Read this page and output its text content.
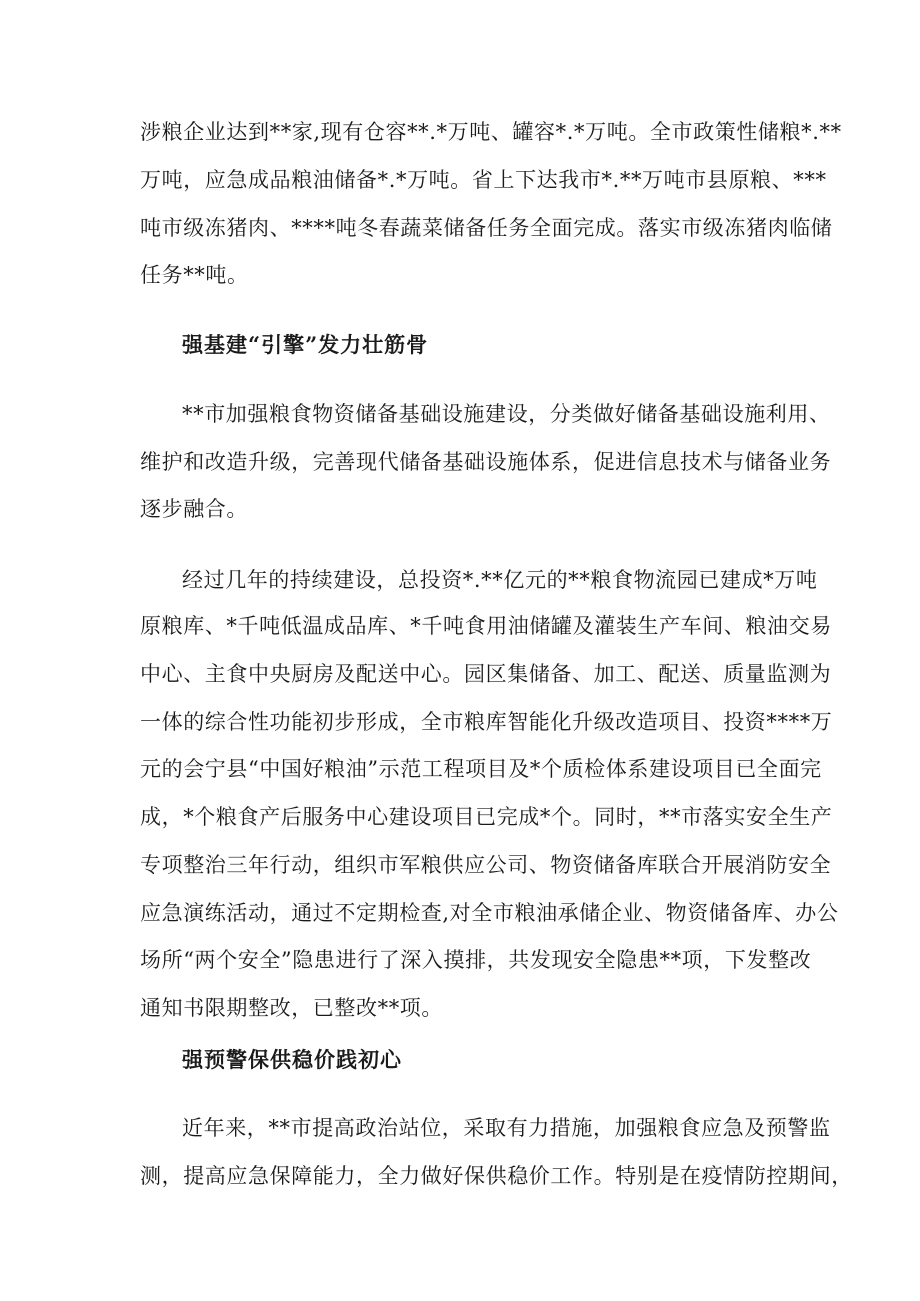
涉粮企业达到**家,现有仓容**.*万吨、罐容*.*万吨。全市政策性储粮*.**
万吨，应急成品粮油储备*.*万吨。省上下达我市*.**万吨市县原粮、***
吨市级冻猪肉、****吨冬春蔬菜储备任务全面完成。落实市级冻猪肉临储
任务**吨。
强基建“引擎”发力壮筋骨
**市加强粮食物资储备基础设施建设，分类做好储备基础设施利用、
维护和改造升级，完善现代储备基础设施体系，促进信息技术与储备业务
逐步融合。
经过几年的持续建设，总投资*.**亿元的**粮食物流园已建成*万吨
原粮库、*千吨低温成品库、*千吨食用油储罐及灌装生产车间、粮油交易
中心、主食中央厨房及配送中心。园区集储备、加工、配送、质量监测为
一体的综合性功能初步形成，全市粮库智能化升级改造项目、投资****万
元的会宁县“中国好粮油”示范工程项目及*个质检体系建设项目已全面完
成，*个粮食产后服务中心建设项目已完成*个。同时，**市落实安全生产
专项整治三年行动，组织市军粮供应公司、物资储备库联合开展消防安全
应急演练活动，通过不定期检查,对全市粮油承储企业、物资储备库、办公
场所“两个安全”隐患进行了深入摸排，共发现安全隐患**项，下发整改
通知书限期整改，已整改**项。
强预警保供稳价践初心
近年来，**市提高政治站位，采取有力措施，加强粮食应急及预警监
测，提高应急保障能力，全力做好保供稳价工作。特别是在疫情防控期间，
